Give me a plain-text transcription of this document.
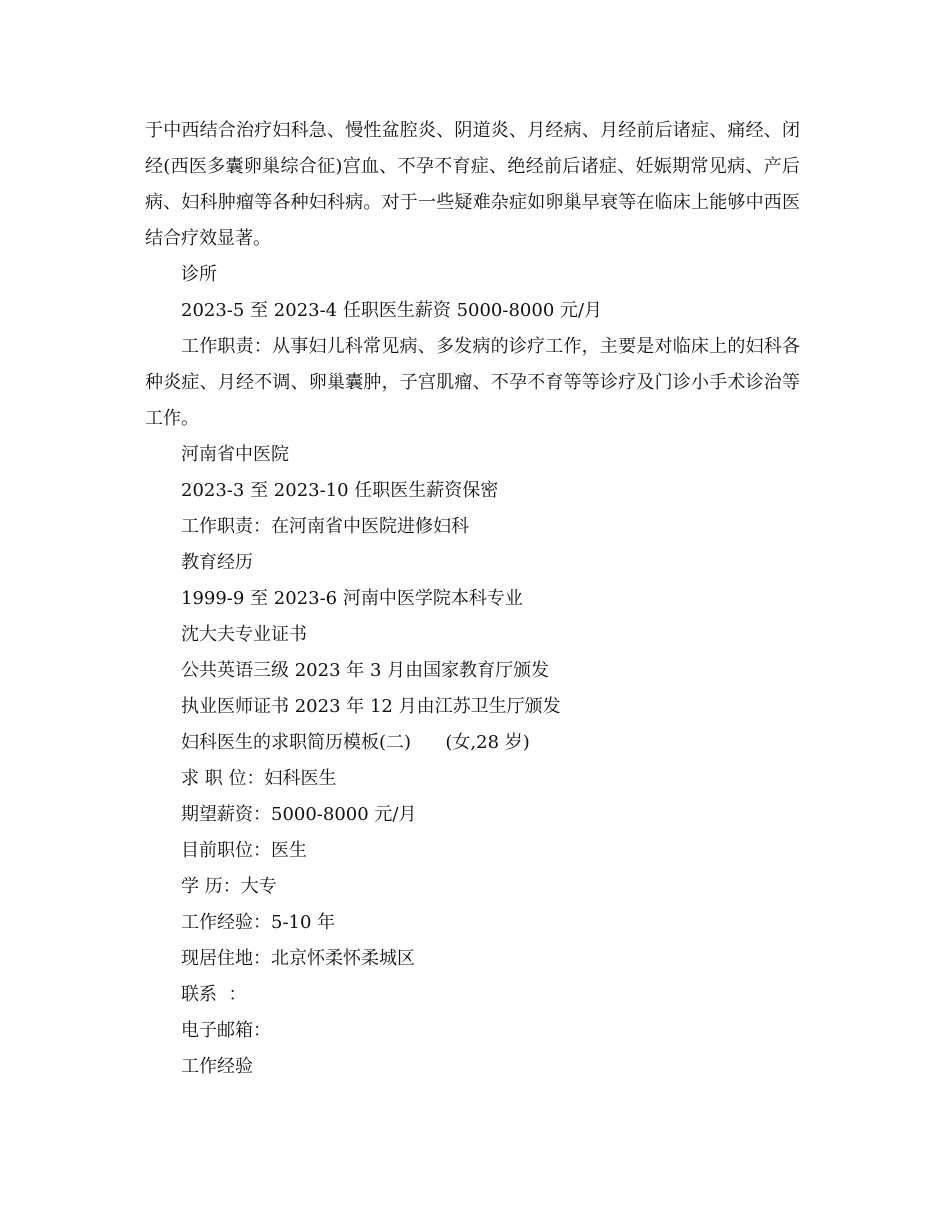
于中西结合治疗妇科急、慢性盆腔炎、阴道炎、月经病、月经前后诸症、痛经、闭经(西医多囊卵巢综合征)宫血、不孕不育症、绝经前后诸症、妊娠期常见病、产后病、妇科肿瘤等各种妇科病。对于一些疑难杂症如卵巢早衰等在临床上能够中西医结合疗效显著。

诊所

2023-5 至 2023-4 任职医生薪资 5000-8000 元/月

工作职责：从事妇儿科常见病、多发病的诊疗工作，主要是对临床上的妇科各种炎症、月经不调、卵巢囊肿，子宫肌瘤、不孕不育等等诊疗及门诊小手术诊治等工作。

河南省中医院

2023-3 至 2023-10 任职医生薪资保密

工作职责：在河南省中医院进修妇科

教育经历

1999-9 至 2023-6 河南中医学院本科专业

沈大夫专业证书

公共英语三级 2023 年 3 月由国家教育厅颁发

执业医师证书 2023 年 12 月由江苏卫生厅颁发

妇科医生的求职简历模板(二)      (女,28 岁)

求 职 位：妇科医生

期望薪资：5000-8000 元/月

目前职位：医生

学 历：大专

工作经验：5-10 年

现居住地：北京怀柔怀柔城区

联系  ：

电子邮箱：

工作经验
